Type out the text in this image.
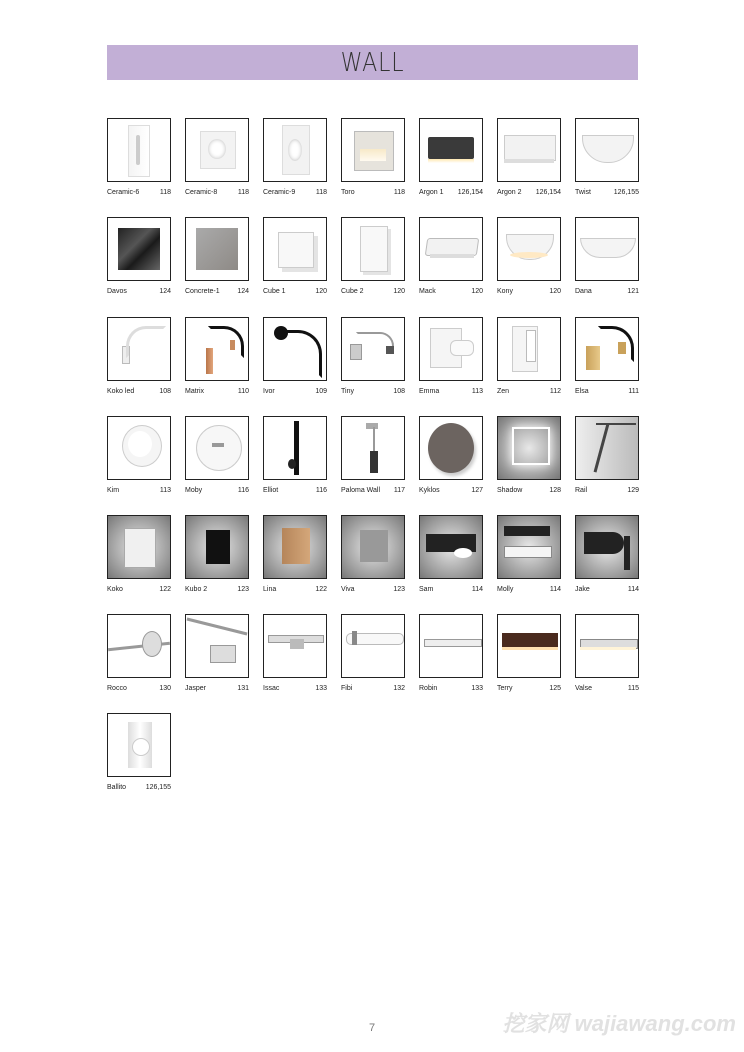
WALL
Ceramic-6	118 Ceramic-8	118 Ceramic-9	118 Toro	118 Argon 1 126,154 Argon 2 126,154 Twist	126,155
Davos	124 Concrete-1	124 Cube 1	120 Cube 2	120 Mack	120 Kony	120 Dana	121
Koko led	108 Matrix	110 Ivor	109 Tiny	108 Emma	113 Zen	112 Elsa	111
Kim	113 Moby	116 Elliot	116 Paloma Wall 117 Kyklos	127 Shadow	128 Rail	129
Koko	122 Kubo 2	123 Lina	122 Viva	123 Sam	114 Molly	114 Jake	114
Rocco	130 Jasper	131 Issac	133 Fibi	132 Robin	133 Terry	125 Valse	115
Ballito	126,155
7	挖家网 wajiawang.com
